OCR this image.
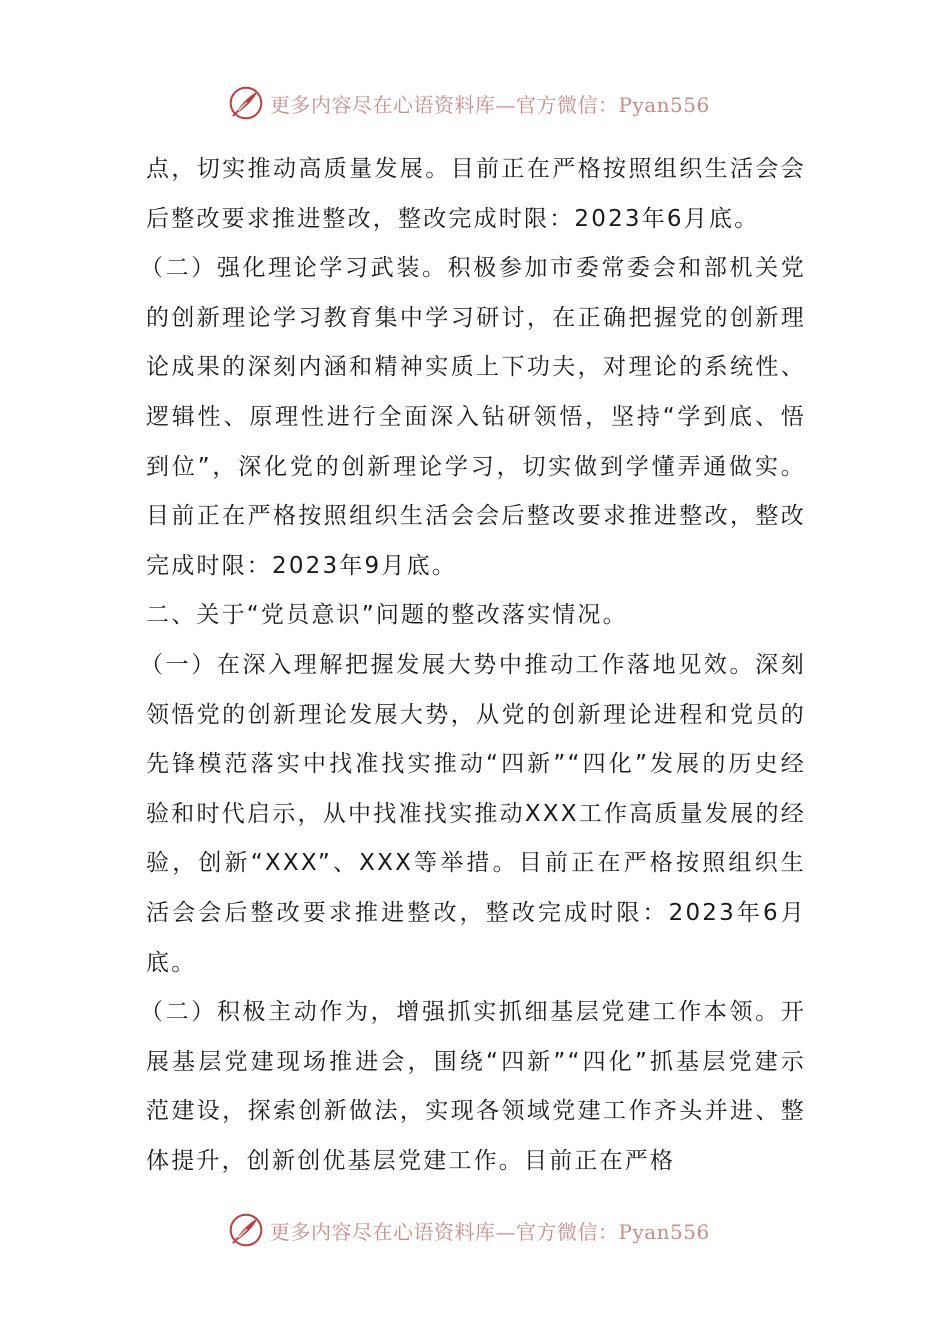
更多内容尽在心语资料库—官方微信：Pyan556

点，切实推动高质量发展。目前正在严格按照组织生活会会后整改要求推进整改，整改完成时限：2023年6月底。

（二）强化理论学习武装。积极参加市委常委会和部机关党的创新理论学习教育集中学习研讨，在正确把握党的创新理论成果的深刻内涵和精神实质上下功夫，对理论的系统性、逻辑性、原理性进行全面深入钻研领悟，坚持“学到底、悟到位”，深化党的创新理论学习，切实做到学懂弄通做实。目前正在严格按照组织生活会会后整改要求推进整改，整改完成时限：2023年9月底。

二、关于“党员意识”问题的整改落实情况。

（一）在深入理解把握发展大势中推动工作落地见效。深刻领悟党的创新理论发展大势，从党的创新理论进程和党员的先锋模范落实中找准找实推动“四新”“四化”发展的历史经验和时代启示，从中找准找实推动XXX工作高质量发展的经验，创新“XXX”、XXX等举措。目前正在严格按照组织生活会会后整改要求推进整改，整改完成时限：2023年6月底。

（二）积极主动作为，增强抓实抓细基层党建工作本领。开展基层党建现场推进会，围绕“四新”“四化”抓基层党建示范建设，探索创新做法，实现各领域党建工作齐头并进、整体提升，创新创优基层党建工作。目前正在严格

更多内容尽在心语资料库—官方微信：Pyan556
